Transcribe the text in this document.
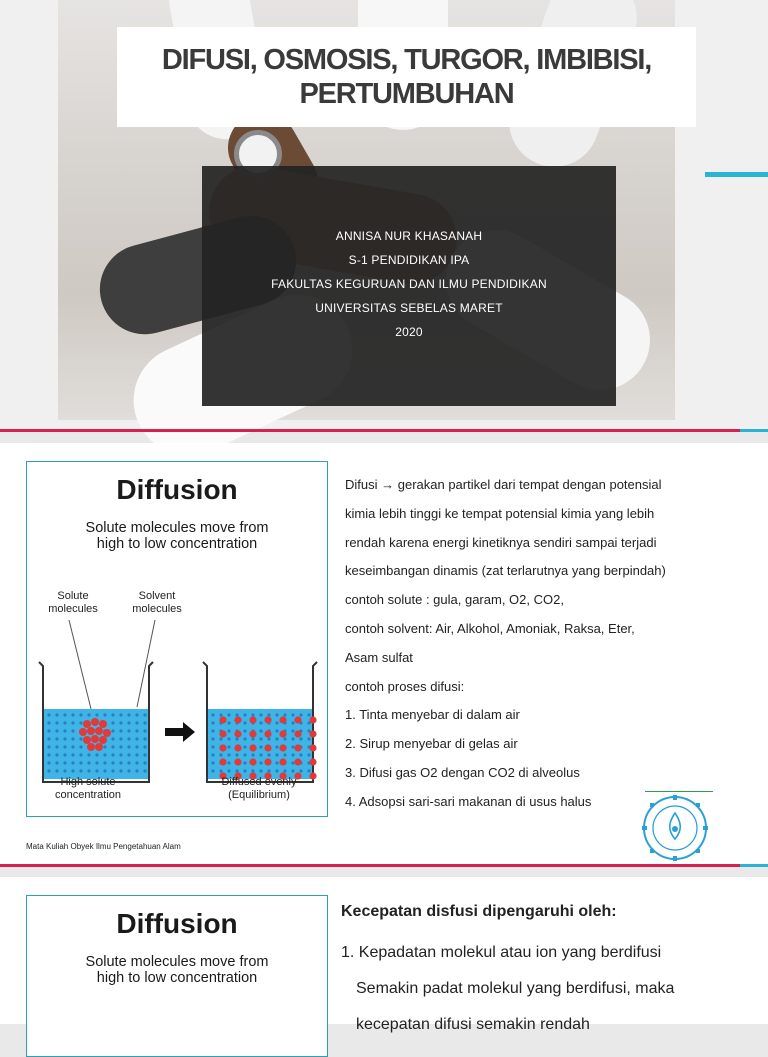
DIFUSI, OSMOSIS, TURGOR, IMBIBISI, PERTUMBUHAN
ANNISA NUR KHASANAH
S-1 PENDIDIKAN IPA
FAKULTAS KEGURUAN DAN ILMU PENDIDIKAN
UNIVERSITAS SEBELAS MARET
2020
Diffusion
Solute molecules move from
high to low concentration
Solute
molecules
Solvent
molecules
High solute
concentration
Diffused evenly
(Equilibrium)

Difusi → gerakan partikel dari tempat dengan potensial

kimia lebih tinggi ke tempat potensial kimia yang lebih

rendah karena energi kinetiknya sendiri sampai terjadi

keseimbangan dinamis (zat terlarutnya yang berpindah)

contoh solute : gula, garam, O2, CO2,

contoh solvent: Air, Alkohol, Amoniak, Raksa, Eter,

Asam sulfat

contoh proses difusi:

1. Tinta menyebar di dalam air

2. Sirup menyebar di gelas air

3. Difusi gas O2 dengan CO2 di alveolus

4. Adsopsi sari-sari makanan di usus halus

Mata Kuliah Obyek Ilmu Pengetahuan Alam
Diffusion
Solute molecules move from
high to low concentration
Kecepatan disfusi dipengaruhi oleh:

1. Kepadatan molekul atau ion yang berdifusi

Semakin padat molekul yang berdifusi, maka

kecepatan difusi semakin rendah
